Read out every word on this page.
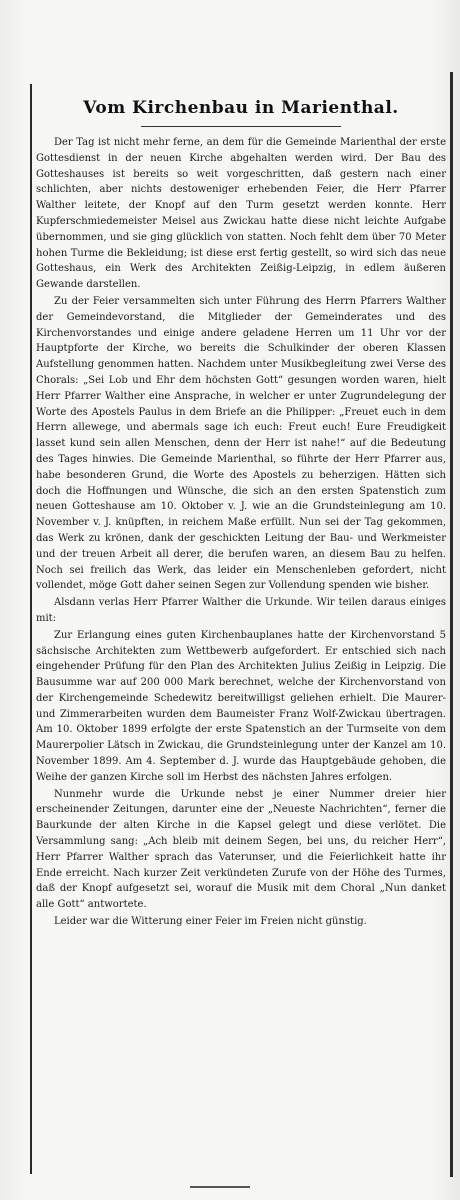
Vom Kirchenbau in Marienthal.

Der Tag ist nicht mehr ferne, an dem für die Gemeinde Marienthal der erste Gottesdienst in der neuen Kirche abgehalten werden wird. Der Bau des Gotteshauses ist bereits so weit vorgeschritten, daß gestern nach einer schlichten, aber nichts destoweniger erhebenden Feier, die Herr Pfarrer Walther leitete, der Knopf auf den Turm gesetzt werden konnte. Herr Kupferschmiedemeister Meisel aus Zwickau hatte diese nicht leichte Aufgabe übernommen, und sie ging glücklich von statten. Noch fehlt dem über 70 Meter hohen Turme die Bekleidung; ist diese erst fertig gestellt, so wird sich das neue Gotteshaus, ein Werk des Architekten Zeißig-Leipzig, in edlem äußeren Gewande darstellen.

Zu der Feier versammelten sich unter Führung des Herrn Pfarrers Walther der Gemeindevorstand, die Mitglieder der Gemeinderates und des Kirchenvorstandes und einige andere geladene Herren um 11 Uhr vor der Hauptpforte der Kirche, wo bereits die Schulkinder der oberen Klassen Aufstellung genommen hatten. Nachdem unter Musikbegleitung zwei Verse des Chorals: „Sei Lob und Ehr dem höchsten Gott“ gesungen worden waren, hielt Herr Pfarrer Walther eine Ansprache, in welcher er unter Zugrundelegung der Worte des Apostels Paulus in dem Briefe an die Philipper: „Freuet euch in dem Herrn allewege, und abermals sage ich euch: Freut euch! Eure Freudigkeit lasset kund sein allen Menschen, denn der Herr ist nahe!“ auf die Bedeutung des Tages hinwies. Die Gemeinde Marienthal, so führte der Herr Pfarrer aus, habe besonderen Grund, die Worte des Apostels zu beherzigen. Hätten sich doch die Hoffnungen und Wünsche, die sich an den ersten Spatenstich zum neuen Gotteshause am 10. Oktober v. J. wie an die Grundsteinlegung am 10. November v. J. knüpften, in reichem Maße erfüllt. Nun sei der Tag gekommen, das Werk zu krönen, dank der geschickten Leitung der Bau- und Werkmeister und der treuen Arbeit all derer, die berufen waren, an diesem Bau zu helfen. Noch sei freilich das Werk, das leider ein Menschenleben gefordert, nicht vollendet, möge Gott daher seinen Segen zur Vollendung spenden wie bisher.

Alsdann verlas Herr Pfarrer Walther die Urkunde. Wir teilen daraus einiges mit:

Zur Erlangung eines guten Kirchenbauplanes hatte der Kirchenvorstand 5 sächsische Architekten zum Wettbewerb aufgefordert. Er entschied sich nach eingehender Prüfung für den Plan des Architekten Julius Zeißig in Leipzig. Die Bausumme war auf 200 000 Mark berechnet, welche der Kirchenvorstand von der Kirchengemeinde Schedewitz bereitwilligst geliehen erhielt. Die Maurer- und Zimmerarbeiten wurden dem Baumeister Franz Wolf-Zwickau übertragen. Am 10. Oktober 1899 erfolgte der erste Spatenstich an der Turmseite von dem Maurerpolier Lätsch in Zwickau, die Grundsteinlegung unter der Kanzel am 10. November 1899. Am 4. September d. J. wurde das Hauptgebäude gehoben, die Weihe der ganzen Kirche soll im Herbst des nächsten Jahres erfolgen.

Nunmehr wurde die Urkunde nebst je einer Nummer dreier hier erscheinender Zeitungen, darunter eine der „Neueste Nachrichten“, ferner die Baurkunde der alten Kirche in die Kapsel gelegt und diese verlötet. Die Versammlung sang: „Ach bleib mit deinem Segen, bei uns, du reicher Herr“, Herr Pfarrer Walther sprach das Vaterunser, und die Feierlichkeit hatte ihr Ende erreicht. Nach kurzer Zeit verkündeten Zurufe von der Höhe des Turmes, daß der Knopf aufgesetzt sei, worauf die Musik mit dem Choral „Nun danket alle Gott“ antwortete.

Leider war die Witterung einer Feier im Freien nicht günstig.
